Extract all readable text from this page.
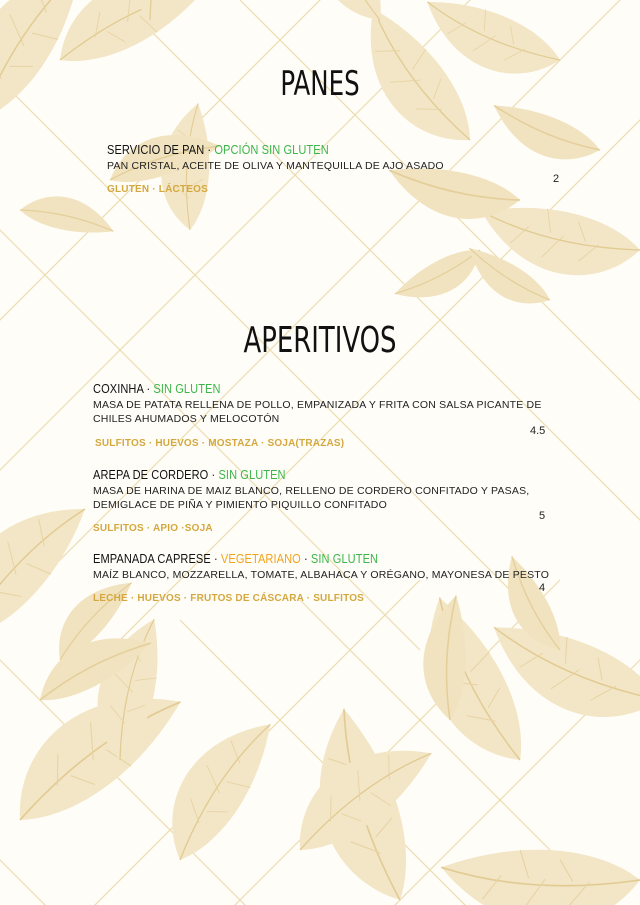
PANES
SERVICIO DE PAN · OPCIÓN SIN GLUTEN
PAN CRISTAL, ACEITE DE OLIVA Y MANTEQUILLA DE AJO ASADO
GLUTEN · LÁCTEOS
2
APERITIVOS
COXINHA · SIN GLUTEN
MASA DE PATATA RELLENA DE POLLO, EMPANIZADA Y FRITA CON SALSA PICANTE DE
CHILES AHUMADOS Y MELOCOTÓN
SULFITOS · HUEVOS · MOSTAZA · SOJA(TRAZAS)
4.5
AREPA DE CORDERO · SIN GLUTEN
MASA DE HARINA DE MAIZ BLANCO, RELLENO DE CORDERO CONFITADO Y PASAS,
DEMIGLACE DE PIÑA Y PIMIENTO PIQUILLO CONFITADO
SULFITOS · APIO ·SOJA
5
EMPANADA CAPRESE · VEGETARIANO · SIN GLUTEN
MAÍZ BLANCO, MOZZARELLA, TOMATE, ALBAHACA Y ORÉGANO, MAYONESA DE PESTO
LECHE · HUEVOS · FRUTOS DE CÁSCARA · SULFITOS
4
